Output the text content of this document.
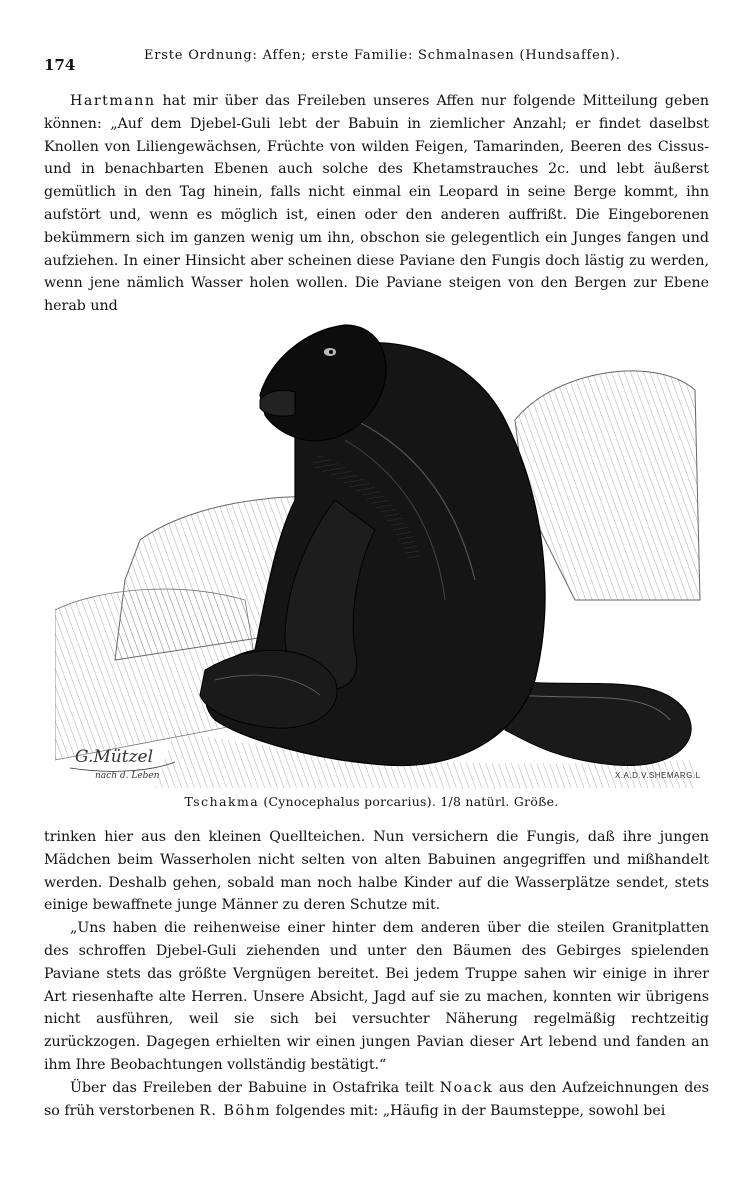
174
Erste Ordnung: Affen; erste Familie: Schmalnasen (Hundsaffen).

Hartmann hat mir über das Freileben unseres Affen nur folgende Mitteilung geben können: „Auf dem Djebel-Guli lebt der Babuin in ziemlicher Anzahl; er findet daselbst Knollen von Liliengewächsen, Früchte von wilden Feigen, Tamarinden, Beeren des Cissus- und in benachbarten Ebenen auch solche des Khetamstrauches 2c. und lebt äußerst gemütlich in den Tag hinein, falls nicht einmal ein Leopard in seine Berge kommt, ihn aufstört und, wenn es möglich ist, einen oder den anderen auffrißt. Die Eingeborenen bekümmern sich im ganzen wenig um ihn, obschon sie gelegentlich ein Junges fangen und aufziehen. In einer Hinsicht aber scheinen diese Paviane den Fungis doch lästig zu werden, wenn jene nämlich Wasser holen wollen. Die Paviane steigen von den Bergen zur Ebene herab und

G.Mützel
nach d. Leben	X.A.D.V.SHEMARG.L
Tschakma (Cynocephalus porcarius). 1/8 natürl. Größe.

trinken hier aus den kleinen Quellteichen. Nun versichern die Fungis, daß ihre jungen Mädchen beim Wasserholen nicht selten von alten Babuinen angegriffen und mißhandelt werden. Deshalb gehen, sobald man noch halbe Kinder auf die Wasserplätze sendet, stets einige bewaffnete junge Männer zu deren Schutze mit.

„Uns haben die reihenweise einer hinter dem anderen über die steilen Granitplatten des schroffen Djebel-Guli ziehenden und unter den Bäumen des Gebirges spielenden Paviane stets das größte Vergnügen bereitet. Bei jedem Truppe sahen wir einige in ihrer Art riesenhafte alte Herren. Unsere Absicht, Jagd auf sie zu machen, konnten wir übrigens nicht ausführen, weil sie sich bei versuchter Näherung regelmäßig rechtzeitig zurückzogen. Dagegen erhielten wir einen jungen Pavian dieser Art lebend und fanden an ihm Ihre Beobachtungen vollständig bestätigt.“

Über das Freileben der Babuine in Ostafrika teilt Noack aus den Aufzeichnungen des so früh verstorbenen R. Böhm folgendes mit: „Häufig in der Baumsteppe, sowohl bei
